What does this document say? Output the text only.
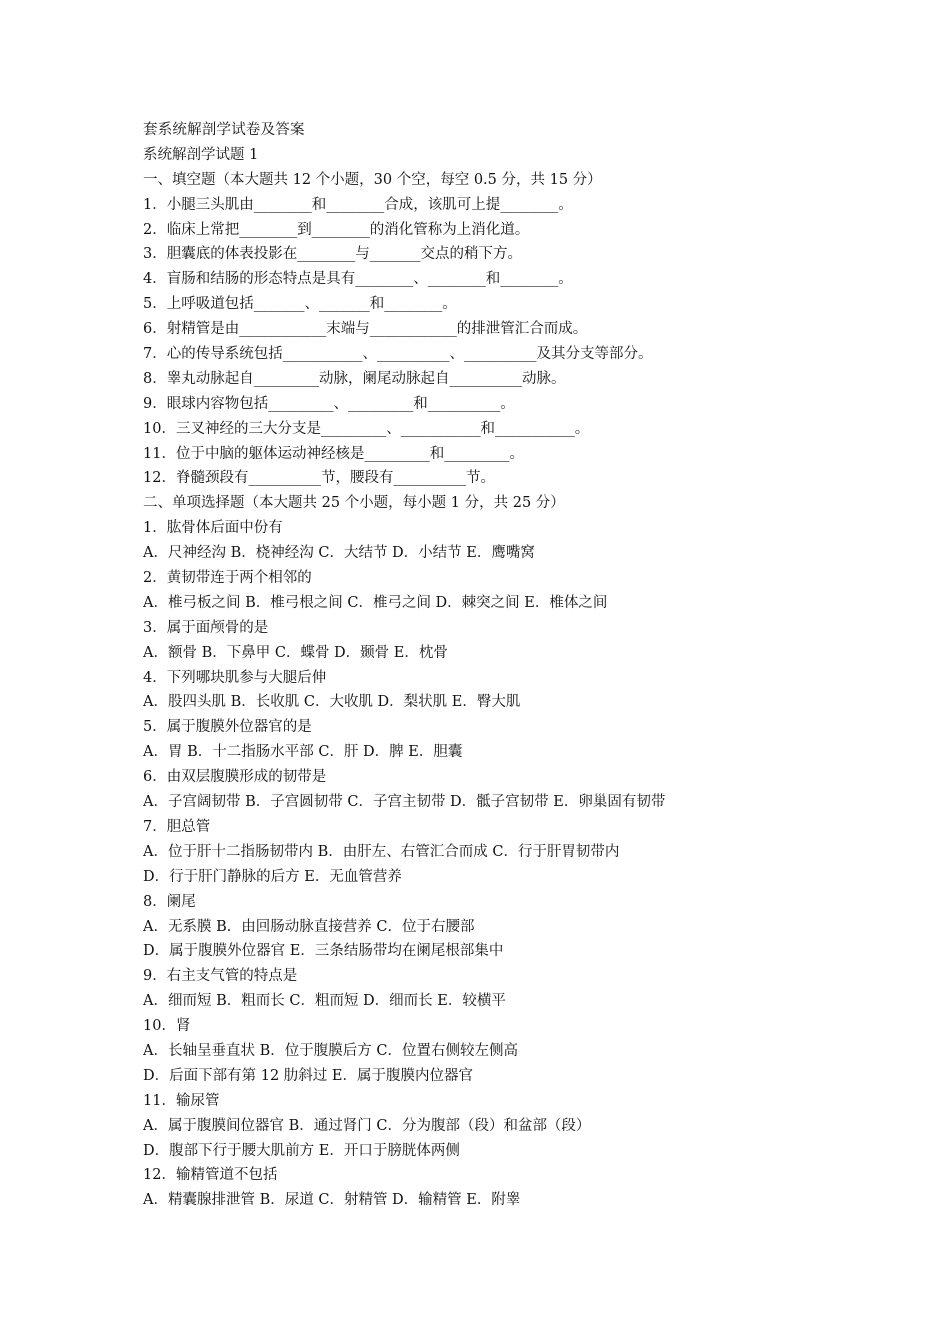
套系统解剖学试卷及答案
系统解剖学试题 1
一、填空题（本大题共 12 个小题，30 个空，每空 0.5 分，共 15 分）
1．小腿三头肌由________和________合成，该肌可上提________。
2．临床上常把________到________的消化管称为上消化道。
3．胆囊底的体表投影在________与_______交点的稍下方。
4．盲肠和结肠的形态特点是具有________、________和________。
5．上呼吸道包括_______、_______和________。
6．射精管是由____________末端与____________的排泄管汇合而成。
7．心的传导系统包括___________、__________、__________及其分支等部分。
8．睾丸动脉起自_________动脉，阑尾动脉起自__________动脉。
9．眼球内容物包括_________、_________和__________。
10．三叉神经的三大分支是_________、___________和___________。
11．位于中脑的躯体运动神经核是_________和_________。
12．脊髓颈段有__________节，腰段有__________节。
二、单项选择题（本大题共 25 个小题，每小题 1 分，共 25 分）
1．肱骨体后面中份有
A．尺神经沟 B．桡神经沟 C．大结节 D．小结节 E．鹰嘴窝
2．黄韧带连于两个相邻的
A．椎弓板之间 B．椎弓根之间 C．椎弓之间 D．棘突之间 E．椎体之间
3．属于面颅骨的是
A．额骨 B．下鼻甲 C．蝶骨 D．颞骨 E．枕骨
4．下列哪块肌参与大腿后伸
A．股四头肌 B．长收肌 C．大收肌 D．梨状肌 E．臀大肌
5．属于腹膜外位器官的是
A．胃 B．十二指肠水平部 C．肝 D．脾 E．胆囊
6．由双层腹膜形成的韧带是
A．子宫阔韧带 B．子宫圆韧带 C．子宫主韧带 D．骶子宫韧带 E．卵巢固有韧带
7．胆总管
A．位于肝十二指肠韧带内 B．由肝左、右管汇合而成 C．行于肝胃韧带内
D．行于肝门静脉的后方 E．无血管营养
8．阑尾
A．无系膜 B．由回肠动脉直接营养 C．位于右腰部
D．属于腹膜外位器官 E．三条结肠带均在阑尾根部集中
9．右主支气管的特点是
A．细而短 B．粗而长 C．粗而短 D．细而长 E．较横平
10．肾
A．长轴呈垂直状 B．位于腹膜后方 C．位置右侧较左侧高
D．后面下部有第 12 肋斜过 E．属于腹膜内位器官
11．输尿管
A．属于腹膜间位器官 B．通过肾门 C．分为腹部（段）和盆部（段）
D．腹部下行于腰大肌前方 E．开口于膀胱体两侧
12．输精管道不包括
A．精囊腺排泄管 B．尿道 C．射精管 D．输精管 E．附睾
